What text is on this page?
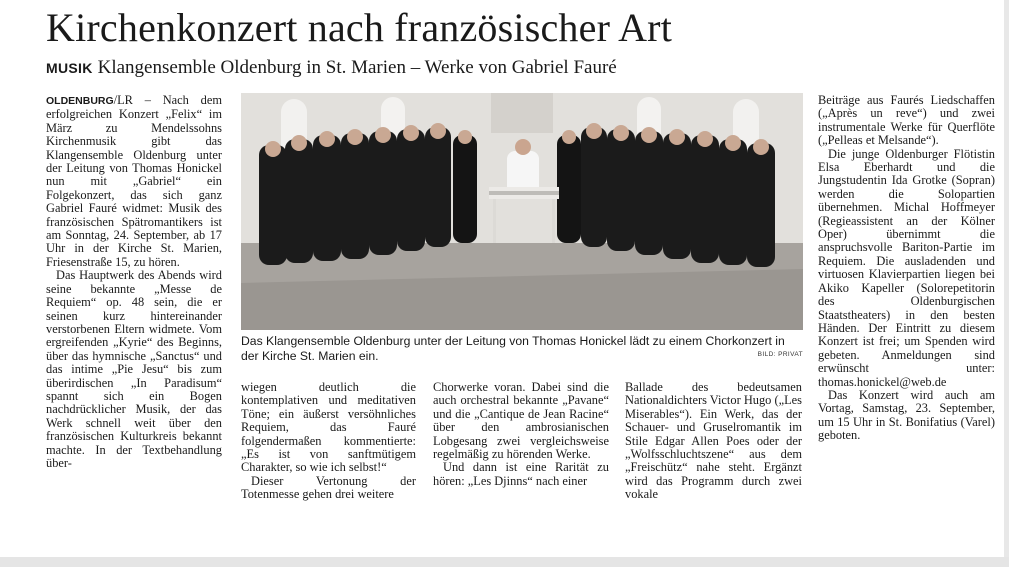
Kirchenkonzert nach französischer Art
MUSIK Klangensemble Oldenburg in St. Marien – Werke von Gabriel Fauré

OLDENBURG/LR – Nach dem erfolgreichen Konzert „Felix“ im März zu Mendelssohns Kirchenmusik gibt das Klangensemble Oldenburg unter der Leitung von Thomas Honickel nun mit „Gabriel“ ein Folgekonzert, das sich ganz Gabriel Fauré widmet: Musik des französischen Spätromantikers ist am Sonntag, 24. September, ab 17 Uhr in der Kirche St. Marien, Friesenstraße 15, zu hören.

Das Hauptwerk des Abends wird seine bekannte „Messe de Requiem“ op. 48 sein, die er seinen kurz hintereinander verstorbenen Eltern widmete. Vom ergreifenden „Kyrie“ des Beginns, über das hymnische „Sanctus“ und das intime „Pie Jesu“ bis zum überirdischen „In Paradisum“ spannt sich ein Bogen nachdrücklicher Musik, der das Werk schnell weit über den französischen Kulturkreis bekannt machte. In der Textbehandlung über-

Das Klangensemble Oldenburg unter der Leitung von Thomas Honickel lädt zu einem Chorkonzert in der Kirche St. Marien ein.	BILD: PRIVAT

wiegen deutlich die kontemplativen und meditativen Töne; ein äußerst versöhnliches Requiem, das Fauré folgendermaßen kommentierte: „Es ist von sanftmütigem Charakter, so wie ich selbst!“

Dieser Vertonung der Totenmesse gehen drei weitere

Chorwerke voran. Dabei sind die auch orchestral bekannte „Pavane“ und die „Cantique de Jean Racine“ über den ambrosianischen Lobgesang zwei vergleichsweise regelmäßig zu hörenden Werke.

Und dann ist eine Rarität zu hören: „Les Djinns“ nach einer

Ballade des bedeutsamen Nationaldichters Victor Hugo („Les Miserables“). Ein Werk, das der Schauer- und Gruselromantik im Stile Edgar Allen Poes oder der „Wolfsschluchtszene“ aus dem „Freischütz“ nahe steht. Ergänzt wird das Programm durch zwei vokale

Beiträge aus Faurés Liedschaffen („Après un reve“) und zwei instrumentale Werke für Querflöte („Pelleas et Melsande“).

Die junge Oldenburger Flötistin Elsa Eberhardt und die Jungstudentin Ida Grotke (Sopran) werden die Solopartien übernehmen. Michal Hoffmeyer (Regieassistent an der Kölner Oper) übernimmt die anspruchsvolle Bariton-Partie im Requiem. Die ausladenden und virtuosen Klavierpartien liegen bei Akiko Kapeller (Solorepetitorin des Oldenburgischen Staatstheaters) in den besten Händen. Der Eintritt zu diesem Konzert ist frei; um Spenden wird gebeten. Anmeldungen sind erwünscht unter: thomas.honickel@web.de

Das Konzert wird auch am Vortag, Samstag, 23. September, um 15 Uhr in St. Bonifatius (Varel) geboten.
